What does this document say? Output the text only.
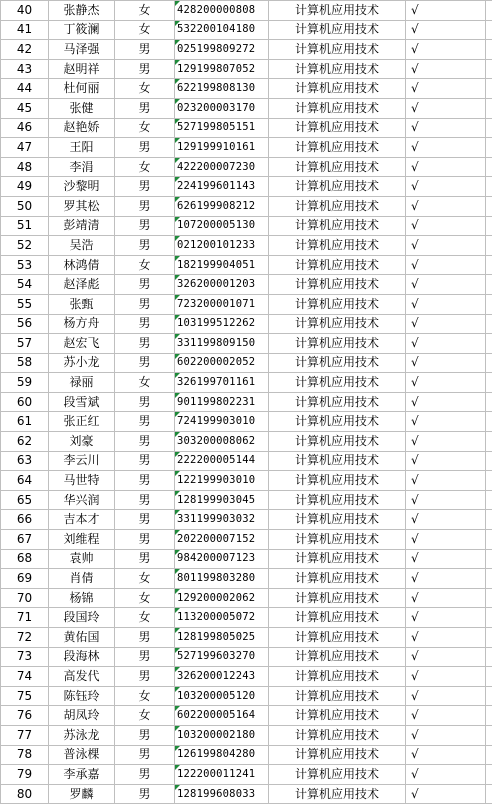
40	张静杰	女	428200000808	计算机应用技术	√	
41	丁筱澜	女	532200104180	计算机应用技术	√	
42	马泽强	男	025199809272	计算机应用技术	√	
43	赵明祥	男	129199807052	计算机应用技术	√	
44	杜何丽	女	622199808130	计算机应用技术	√	
45	张健	男	023200003170	计算机应用技术	√	
46	赵艳娇	女	527199805151	计算机应用技术	√	
47	王阳	男	129199910161	计算机应用技术	√	
48	李涓	女	422200007230	计算机应用技术	√	
49	沙黎明	男	224199601143	计算机应用技术	√	
50	罗其松	男	626199908212	计算机应用技术	√	
51	彭靖清	男	107200005130	计算机应用技术	√	
52	吴浩	男	021200101233	计算机应用技术	√	
53	林鸿倩	女	182199904051	计算机应用技术	√	
54	赵泽彪	男	326200001203	计算机应用技术	√	
55	张甄	男	723200001071	计算机应用技术	√	
56	杨方舟	男	103199512262	计算机应用技术	√	
57	赵宏飞	男	331199809150	计算机应用技术	√	
58	苏小龙	男	602200002052	计算机应用技术	√	
59	禄丽	女	326199701161	计算机应用技术	√	
60	段雪斌	男	901199802231	计算机应用技术	√	
61	张正红	男	724199903010	计算机应用技术	√	
62	刘豪	男	303200008062	计算机应用技术	√	
63	李云川	男	222200005144	计算机应用技术	√	
64	马世特	男	122199903010	计算机应用技术	√	
65	华兴润	男	128199903045	计算机应用技术	√	
66	吉本才	男	331199903032	计算机应用技术	√	
67	刘维程	男	202200007152	计算机应用技术	√	
68	袁帅	男	984200007123	计算机应用技术	√	
69	肖倩	女	801199803280	计算机应用技术	√	
70	杨锦	女	129200002062	计算机应用技术	√	
71	段国玲	女	113200005072	计算机应用技术	√	
72	黄佑国	男	128199805025	计算机应用技术	√	
73	段海林	男	527199603270	计算机应用技术	√	
74	高发代	男	326200012243	计算机应用技术	√	
75	陈钰玲	女	103200005120	计算机应用技术	√	
76	胡凤玲	女	602200005164	计算机应用技术	√	
77	苏泳龙	男	103200002180	计算机应用技术	√	
78	普泳棵	男	126199804280	计算机应用技术	√	
79	李承嘉	男	122200011241	计算机应用技术	√	
80	罗麟	男	128199608033	计算机应用技术	√	
